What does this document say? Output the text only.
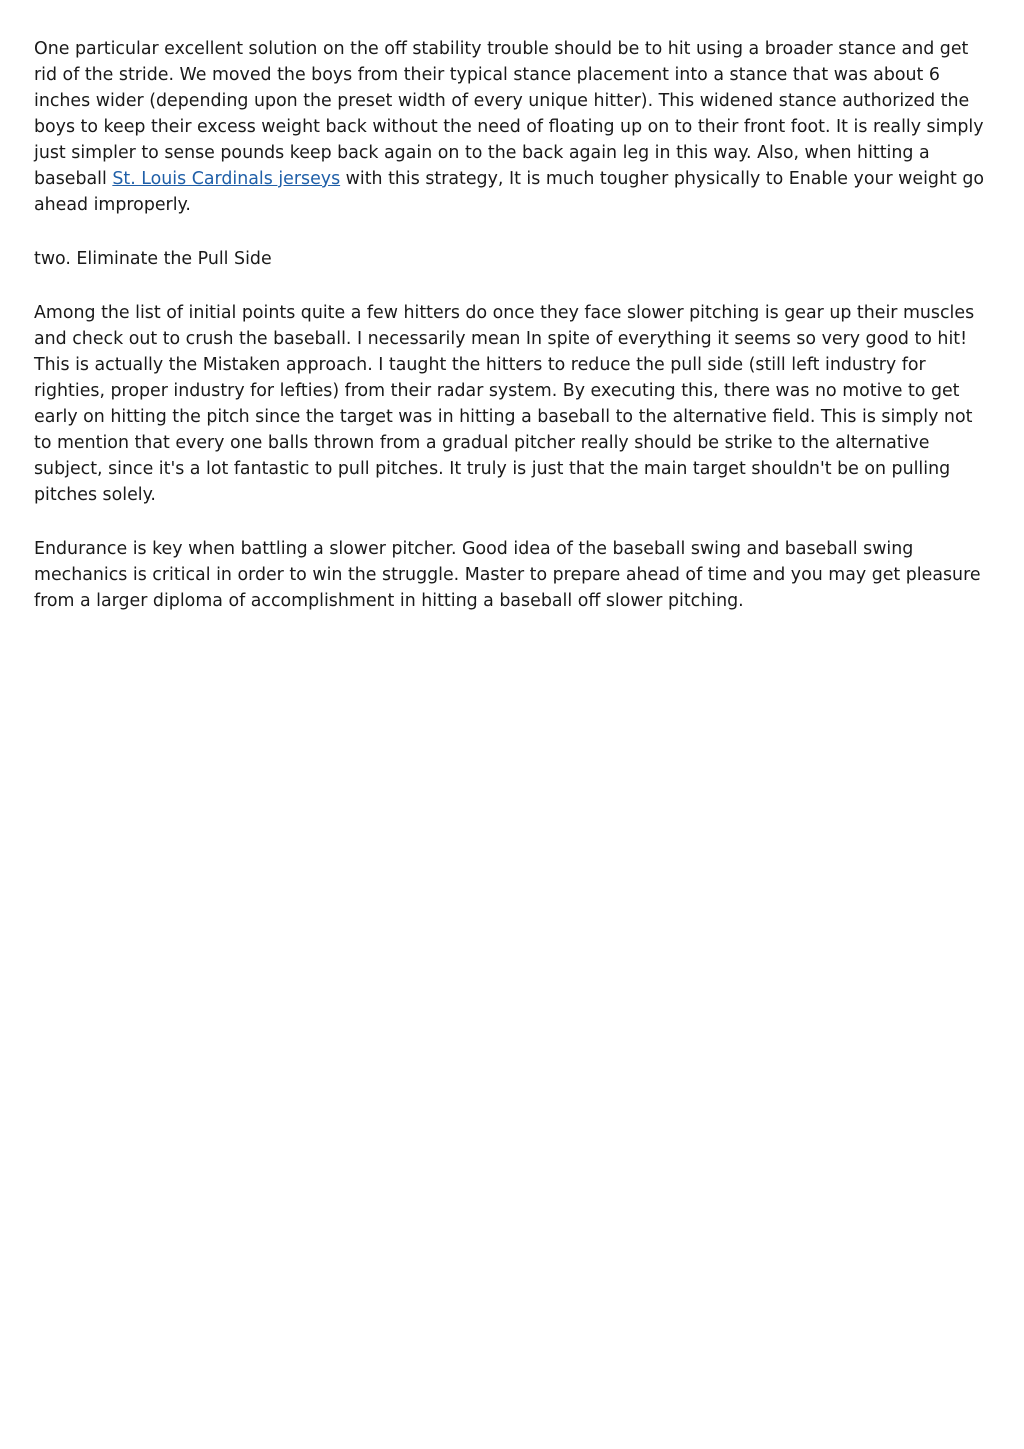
One particular excellent solution on the off stability trouble should be to hit using a broader stance and get rid of the stride. We moved the boys from their typical stance placement into a stance that was about 6 inches wider (depending upon the preset width of every unique hitter). This widened stance authorized the boys to keep their excess weight back without the need of floating up on to their front foot. It is really simply just simpler to sense pounds keep back again on to the back again leg in this way. Also, when hitting a baseball St. Louis Cardinals jerseys with this strategy, It is much tougher physically to Enable your weight go ahead improperly.

two. Eliminate the Pull Side

Among the list of initial points quite a few hitters do once they face slower pitching is gear up their muscles and check out to crush the baseball. I necessarily mean In spite of everything it seems so very good to hit! This is actually the Mistaken approach. I taught the hitters to reduce the pull side (still left industry for righties, proper industry for lefties) from their radar system. By executing this, there was no motive to get early on hitting the pitch since the target was in hitting a baseball to the alternative field. This is simply not to mention that every one balls thrown from a gradual pitcher really should be strike to the alternative subject, since it's a lot fantastic to pull pitches. It truly is just that the main target shouldn't be on pulling pitches solely.

Endurance is key when battling a slower pitcher. Good idea of the baseball swing and baseball swing mechanics is critical in order to win the struggle. Master to prepare ahead of time and you may get pleasure from a larger diploma of accomplishment in hitting a baseball off slower pitching.
